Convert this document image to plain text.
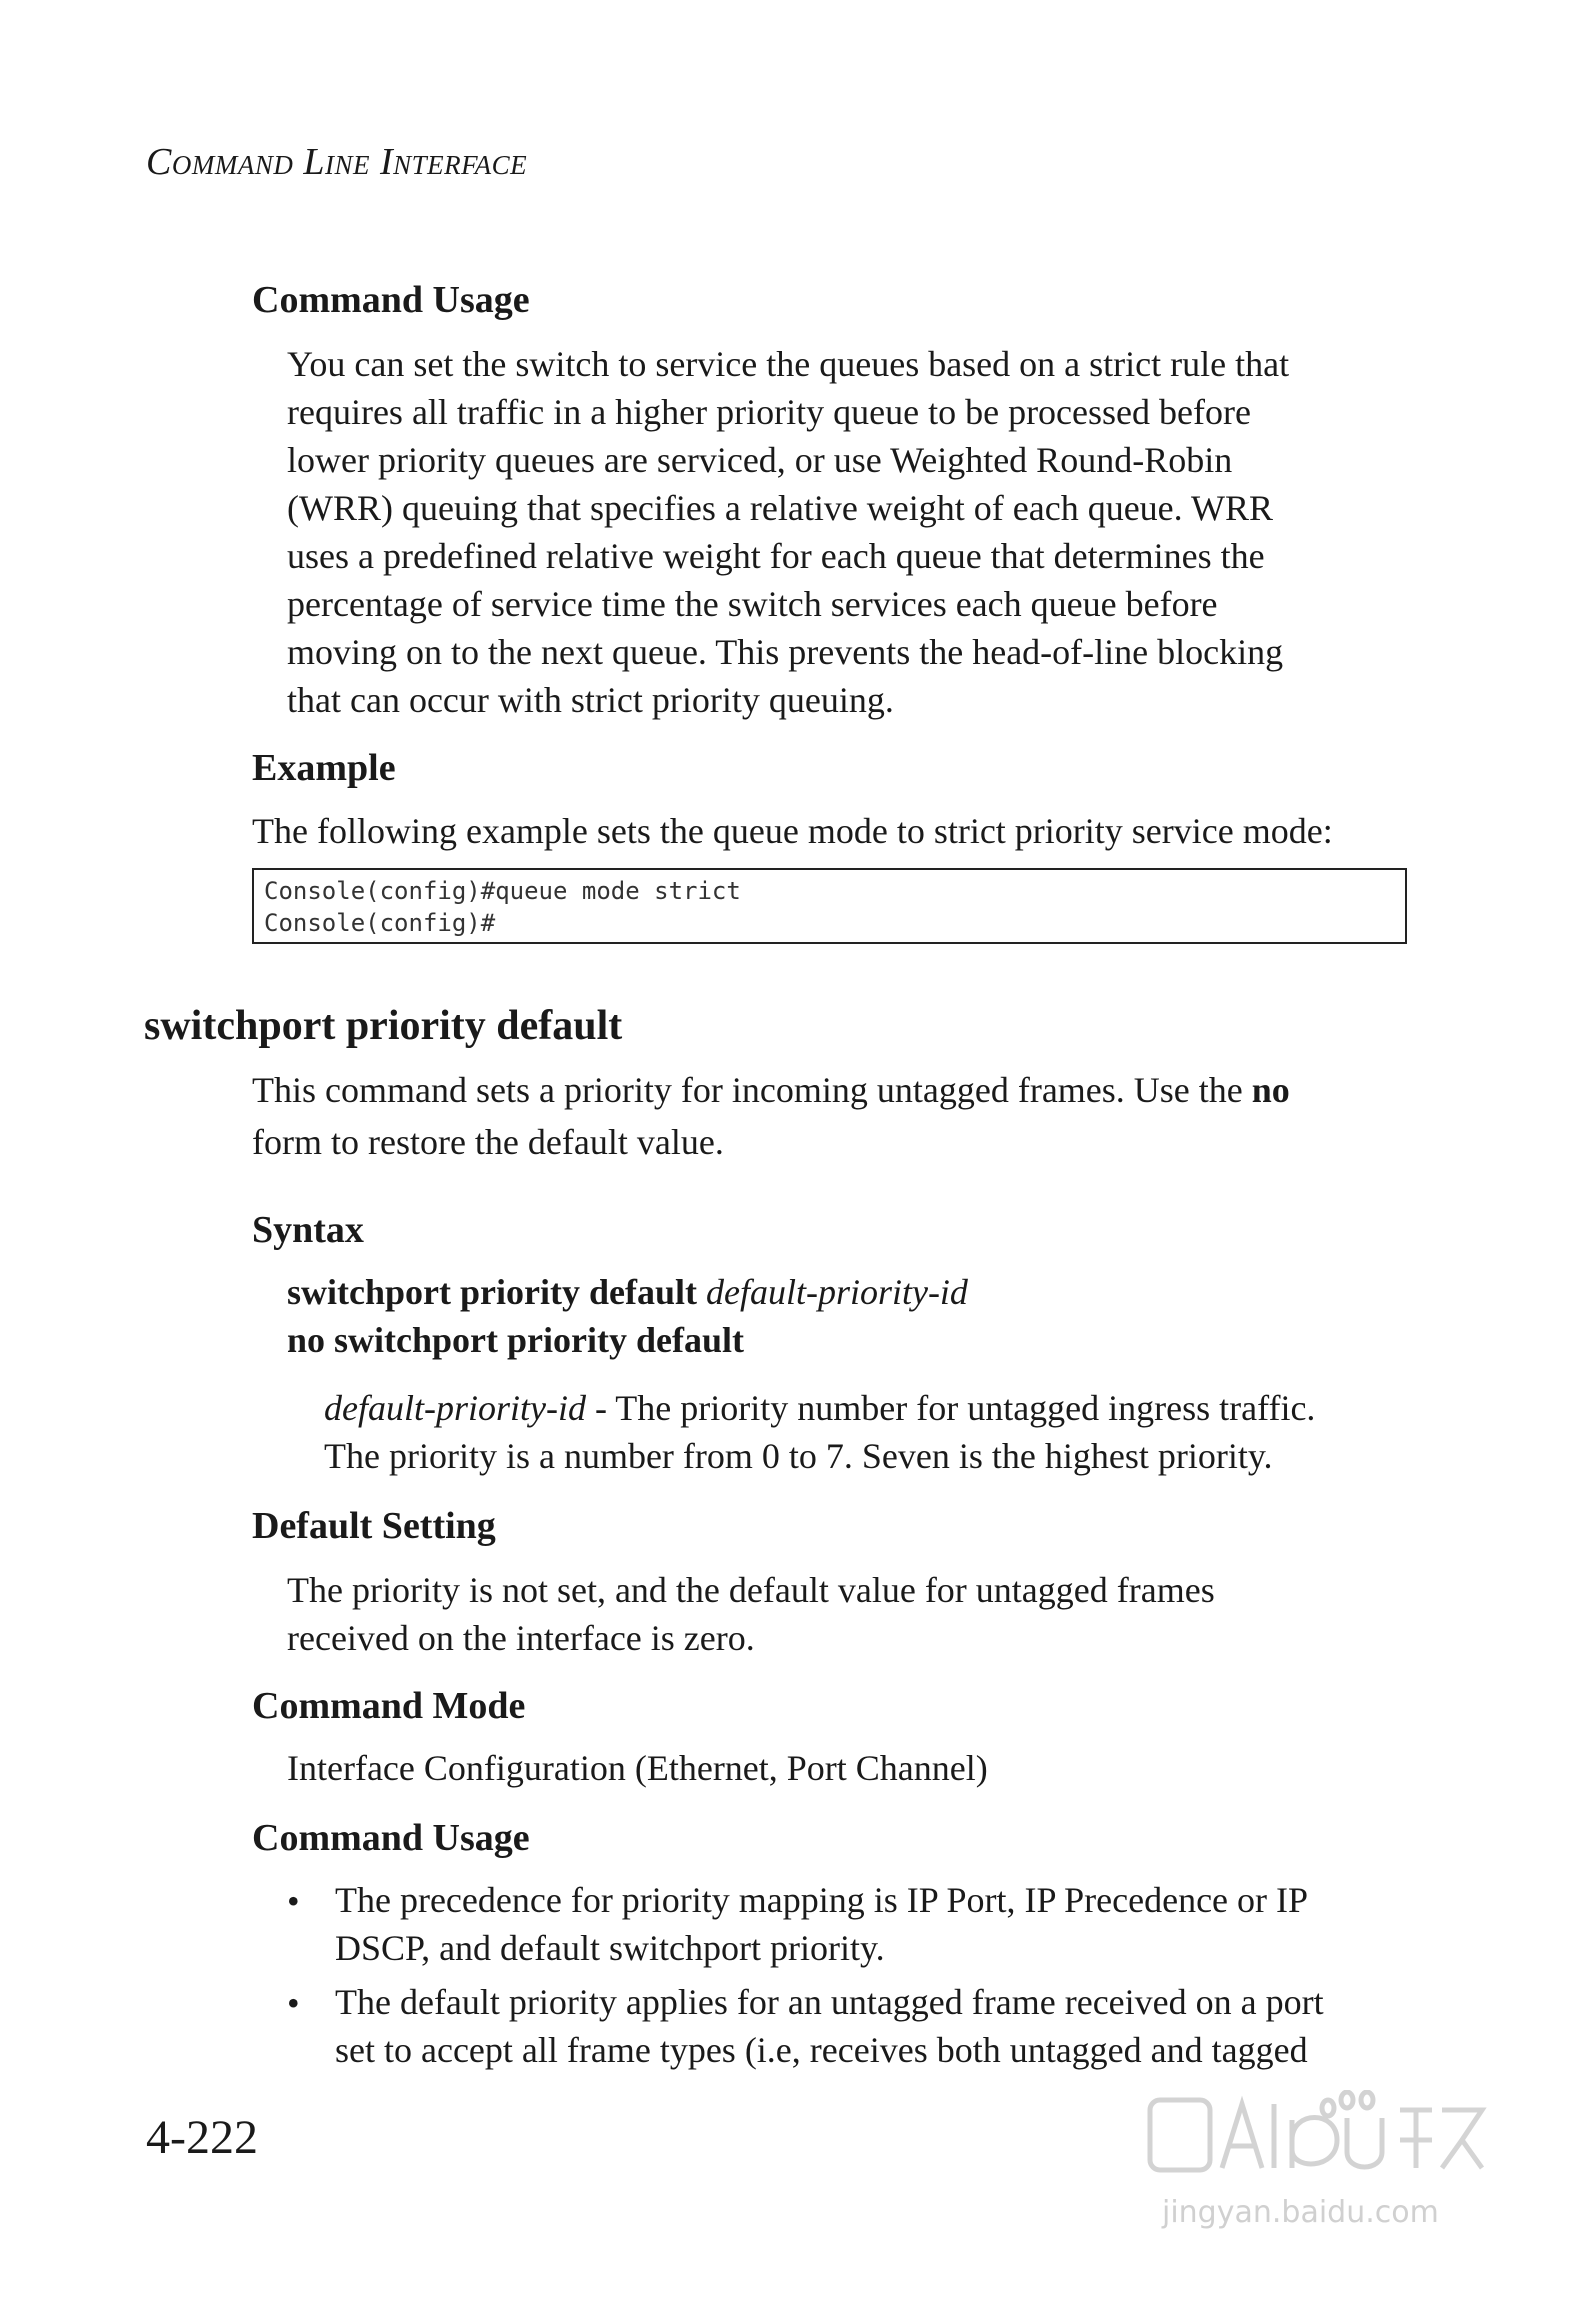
Command Line Interface
Command Usage
You can set the switch to service the queues based on a strict rule that
requires all traffic in a higher priority queue to be processed before
lower priority queues are serviced, or use Weighted Round-Robin
(WRR) queuing that specifies a relative weight of each queue. WRR
uses a predefined relative weight for each queue that determines the
percentage of service time the switch services each queue before
moving on to the next queue. This prevents the head-of-line blocking
that can occur with strict priority queuing.
Example
The following example sets the queue mode to strict priority service mode:
Console(config)#queue mode strict
Console(config)#
switchport priority default
This command sets a priority for incoming untagged frames. Use the no
form to restore the default value.
Syntax
switchport priority default default-priority-id
no switchport priority default
default-priority-id - The priority number for untagged ingress traffic.
The priority is a number from 0 to 7. Seven is the highest priority.
Default Setting
The priority is not set, and the default value for untagged frames
received on the interface is zero.
Command Mode
Interface Configuration (Ethernet, Port Channel)
Command Usage
• The precedence for priority mapping is IP Port, IP Precedence or IP
DSCP, and default switchport priority.
• The default priority applies for an untagged frame received on a port
set to accept all frame types (i.e, receives both untagged and tagged
4-222
jingyan.baidu.com
